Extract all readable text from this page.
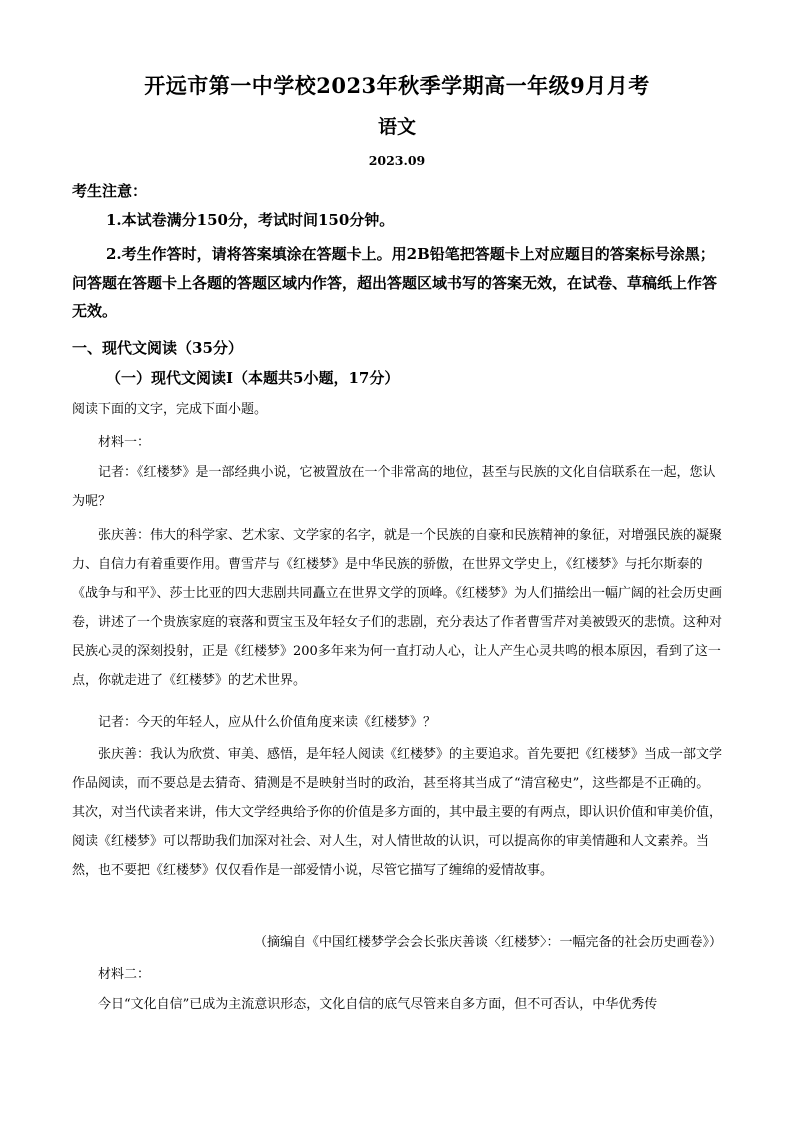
开远市第一中学校2023年秋季学期高一年级9月月考
语文
2023.09
考生注意：
1.本试卷满分150分，考试时间150分钟。
2.考生作答时，请将答案填涂在答题卡上。用2B铅笔把答题卡上对应题目的答案标号涂黑；问答题在答题卡上各题的答题区域内作答，超出答题区域书写的答案无效，在试卷、草稿纸上作答无效。
一、现代文阅读（35分）
（一）现代文阅读Ⅰ（本题共5小题，17分）
阅读下面的文字，完成下面小题。
材料一：
记者：《红楼梦》是一部经典小说，它被置放在一个非常高的地位，甚至与民族的文化自信联系在一起，您认为呢？
张庆善：伟大的科学家、艺术家、文学家的名字，就是一个民族的自豪和民族精神的象征，对增强民族的凝聚力、自信力有着重要作用。曹雪芹与《红楼梦》是中华民族的骄傲，在世界文学史上，《红楼梦》与托尔斯泰的《战争与和平》、莎士比亚的四大悲剧共同矗立在世界文学的顶峰。《红楼梦》为人们描绘出一幅广阔的社会历史画卷，讲述了一个贵族家庭的衰落和贾宝玉及年轻女子们的悲剧，充分表达了作者曹雪芹对美被毁灭的悲愤。这种对民族心灵的深刻投射，正是《红楼梦》200多年来为何一直打动人心，让人产生心灵共鸣的根本原因，看到了这一点，你就走进了《红楼梦》的艺术世界。
记者：今天的年轻人，应从什么价值角度来读《红楼梦》？
张庆善：我认为欣赏、审美、感悟，是年轻人阅读《红楼梦》的主要追求。首先要把《红楼梦》当成一部文学作品阅读，而不要总是去猜奇、猜测是不是映射当时的政治，甚至将其当成了“清宫秘史”，这些都是不正确的。其次，对当代读者来讲，伟大文学经典给予你的价值是多方面的，其中最主要的有两点，即认识价值和审美价值，阅读《红楼梦》可以帮助我们加深对社会、对人生，对人情世故的认识，可以提高你的审美情趣和人文素养。当然，也不要把《红楼梦》仅仅看作是一部爱情小说，尽管它描写了缠绵的爱情故事。
（摘编自《中国红楼梦学会会长张庆善谈〈红楼梦〉：一幅完备的社会历史画卷》）
材料二：
今日“文化自信”已成为主流意识形态，文化自信的底气尽管来自多方面，但不可否认，中华优秀传
